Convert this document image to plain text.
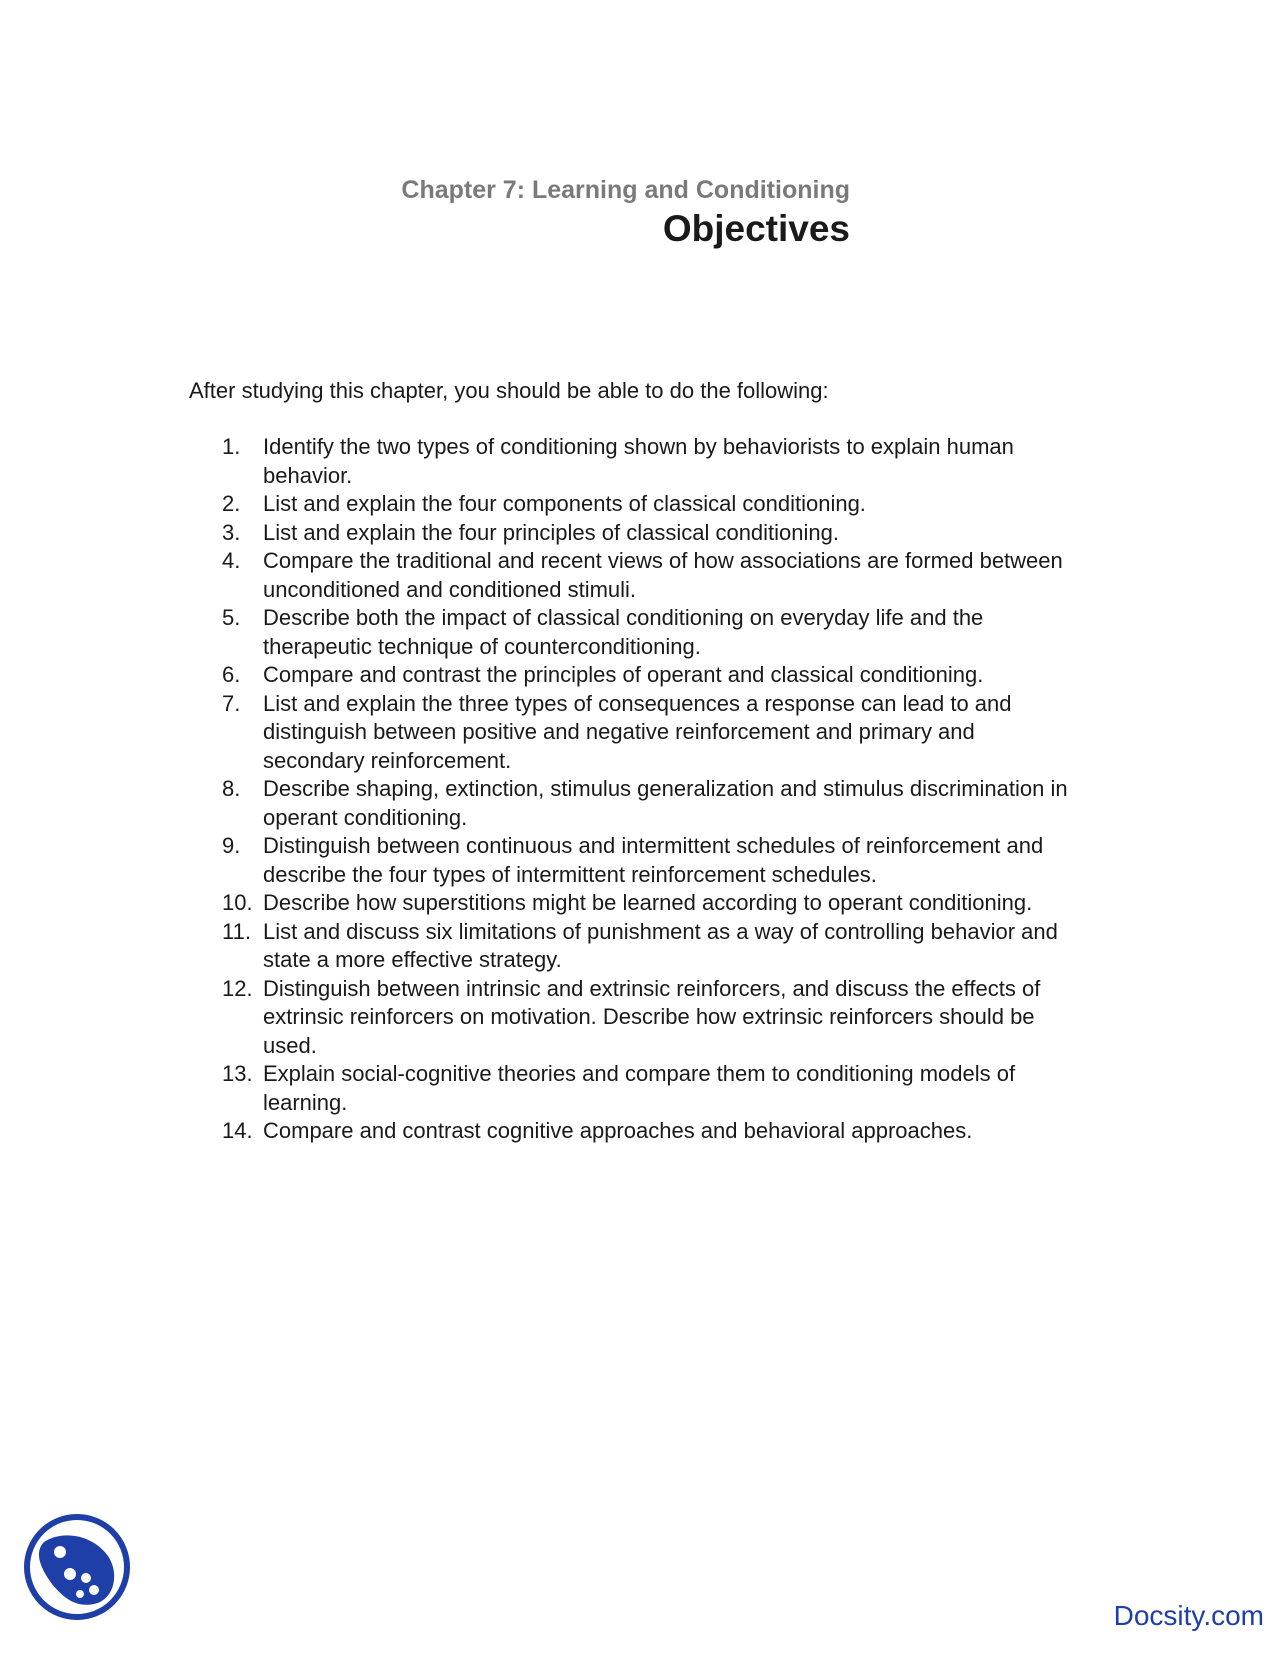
Chapter 7: Learning and Conditioning
Objectives
After studying this chapter, you should be able to do the following:
1. Identify the two types of conditioning shown by behaviorists to explain human behavior.
2. List and explain the four components of classical conditioning.
3. List and explain the four principles of classical conditioning.
4. Compare the traditional and recent views of how associations are formed between unconditioned and conditioned stimuli.
5. Describe both the impact of classical conditioning on everyday life and the therapeutic technique of counterconditioning.
6. Compare and contrast the principles of operant and classical conditioning.
7. List and explain the three types of consequences a response can lead to and distinguish between positive and negative reinforcement and primary and secondary reinforcement.
8. Describe shaping, extinction, stimulus generalization and stimulus discrimination in operant conditioning.
9. Distinguish between continuous and intermittent schedules of reinforcement and describe the four types of intermittent reinforcement schedules.
10. Describe how superstitions might be learned according to operant conditioning.
11. List and discuss six limitations of punishment as a way of controlling behavior and state a more effective strategy.
12. Distinguish between intrinsic and extrinsic reinforcers, and discuss the effects of extrinsic reinforcers on motivation. Describe how extrinsic reinforcers should be used.
13. Explain social-cognitive theories and compare them to conditioning models of learning.
14. Compare and contrast cognitive approaches and behavioral approaches.
Docsity.com
